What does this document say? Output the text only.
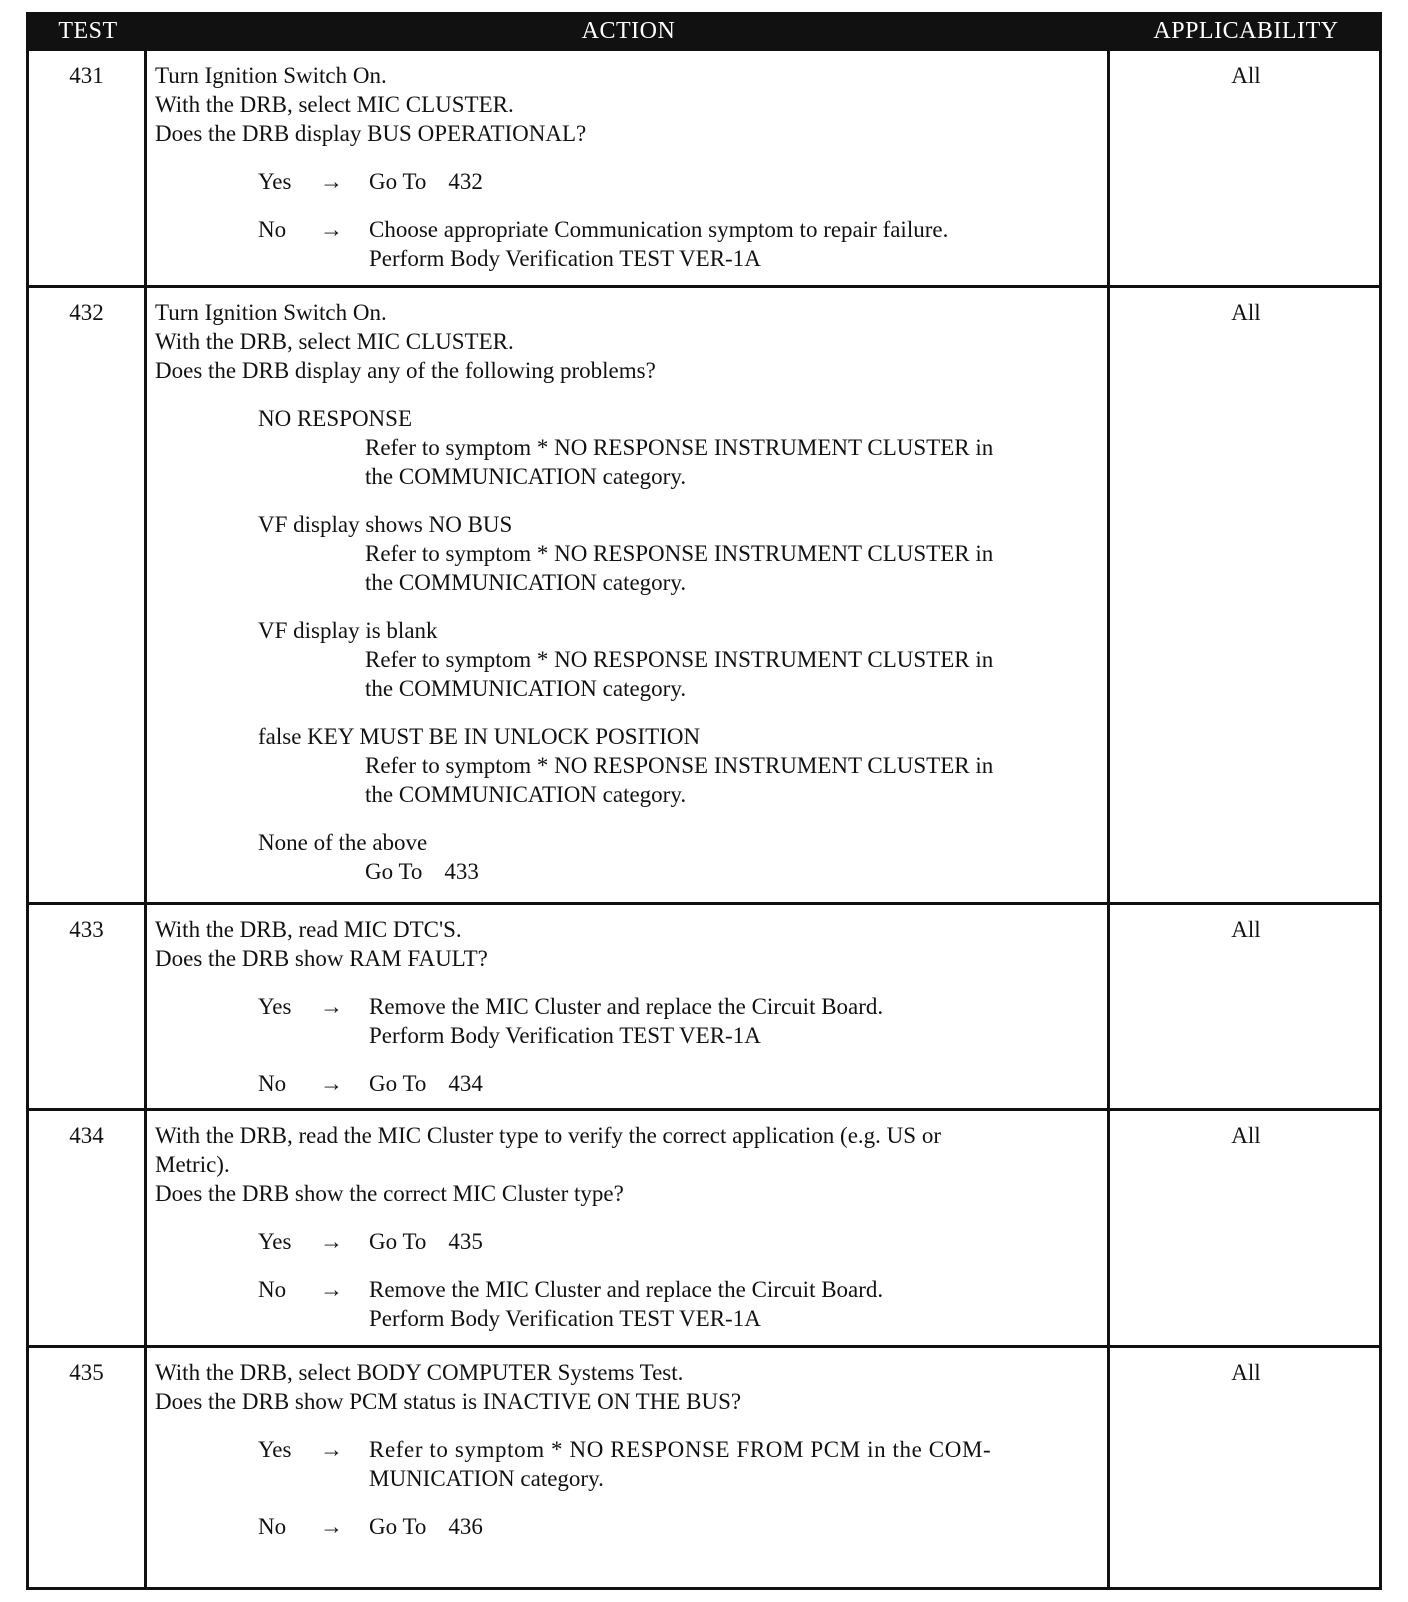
TEST	ACTION	APPLICABILITY
431	Turn Ignition Switch On.
With the DRB, select MIC CLUSTER.
Does the DRB display BUS OPERATIONAL?
Yes → Go To 432
No → Choose appropriate Communication symptom to repair failure.
Perform Body Verification TEST VER-1A
All
432	Turn Ignition Switch On.
With the DRB, select MIC CLUSTER.
Does the DRB display any of the following problems?
NO RESPONSE
Refer to symptom * NO RESPONSE INSTRUMENT CLUSTER in
the COMMUNICATION category.
VF display shows NO BUS
Refer to symptom * NO RESPONSE INSTRUMENT CLUSTER in
the COMMUNICATION category.
VF display is blank
Refer to symptom * NO RESPONSE INSTRUMENT CLUSTER in
the COMMUNICATION category.
false KEY MUST BE IN UNLOCK POSITION
Refer to symptom * NO RESPONSE INSTRUMENT CLUSTER in
the COMMUNICATION category.
None of the above
Go To 433
All
433	With the DRB, read MIC DTC'S.
Does the DRB show RAM FAULT?
Yes → Remove the MIC Cluster and replace the Circuit Board.
Perform Body Verification TEST VER-1A
No → Go To 434
All
434	With the DRB, read the MIC Cluster type to verify the correct application (e.g. US or
Metric).
Does the DRB show the correct MIC Cluster type?
Yes → Go To 435
No → Remove the MIC Cluster and replace the Circuit Board.
Perform Body Verification TEST VER-1A
All
435	With the DRB, select BODY COMPUTER Systems Test.
Does the DRB show PCM status is INACTIVE ON THE BUS?
Yes → Refer to symptom * NO RESPONSE FROM PCM in the COM-
MUNICATION category.
No → Go To 436
All
